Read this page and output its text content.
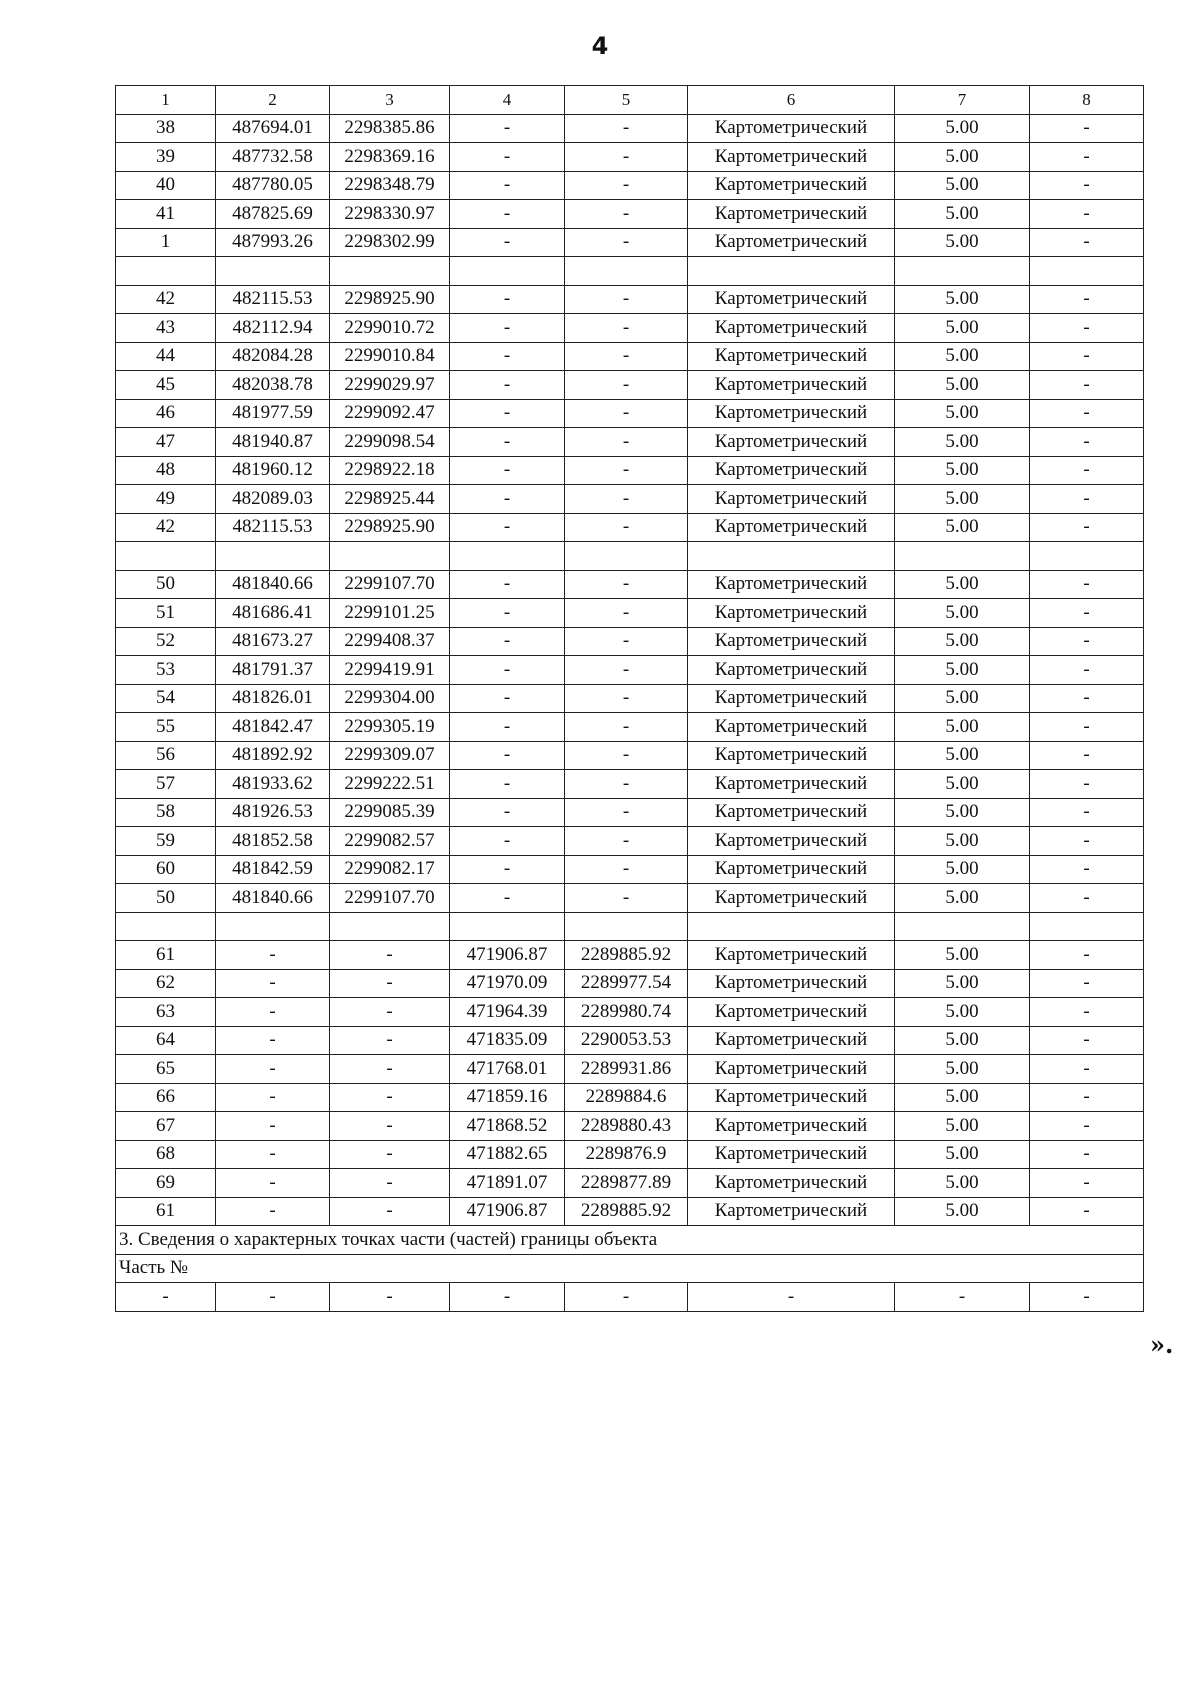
4
1	2	3	4	5	6	7	8
38	487694.01	2298385.86	-	-	Картометрический	5.00	-
39	487732.58	2298369.16	-	-	Картометрический	5.00	-
40	487780.05	2298348.79	-	-	Картометрический	5.00	-
41	487825.69	2298330.97	-	-	Картометрический	5.00	-
1	487993.26	2298302.99	-	-	Картометрический	5.00	-

42	482115.53	2298925.90	-	-	Картометрический	5.00	-
43	482112.94	2299010.72	-	-	Картометрический	5.00	-
44	482084.28	2299010.84	-	-	Картометрический	5.00	-
45	482038.78	2299029.97	-	-	Картометрический	5.00	-
46	481977.59	2299092.47	-	-	Картометрический	5.00	-
47	481940.87	2299098.54	-	-	Картометрический	5.00	-
48	481960.12	2298922.18	-	-	Картометрический	5.00	-
49	482089.03	2298925.44	-	-	Картометрический	5.00	-
42	482115.53	2298925.90	-	-	Картометрический	5.00	-

50	481840.66	2299107.70	-	-	Картометрический	5.00	-
51	481686.41	2299101.25	-	-	Картометрический	5.00	-
52	481673.27	2299408.37	-	-	Картометрический	5.00	-
53	481791.37	2299419.91	-	-	Картометрический	5.00	-
54	481826.01	2299304.00	-	-	Картометрический	5.00	-
55	481842.47	2299305.19	-	-	Картометрический	5.00	-
56	481892.92	2299309.07	-	-	Картометрический	5.00	-
57	481933.62	2299222.51	-	-	Картометрический	5.00	-
58	481926.53	2299085.39	-	-	Картометрический	5.00	-
59	481852.58	2299082.57	-	-	Картометрический	5.00	-
60	481842.59	2299082.17	-	-	Картометрический	5.00	-
50	481840.66	2299107.70	-	-	Картометрический	5.00	-

61	-	-	471906.87	2289885.92	Картометрический	5.00	-
62	-	-	471970.09	2289977.54	Картометрический	5.00	-
63	-	-	471964.39	2289980.74	Картометрический	5.00	-
64	-	-	471835.09	2290053.53	Картометрический	5.00	-
65	-	-	471768.01	2289931.86	Картометрический	5.00	-
66	-	-	471859.16	2289884.6	Картометрический	5.00	-
67	-	-	471868.52	2289880.43	Картометрический	5.00	-
68	-	-	471882.65	2289876.9	Картометрический	5.00	-
69	-	-	471891.07	2289877.89	Картометрический	5.00	-
61	-	-	471906.87	2289885.92	Картометрический	5.00	-
3. Сведения о характерных точках части (частей) границы объекта							
Часть №							
-	-	-	-	-	-	-	-
».
